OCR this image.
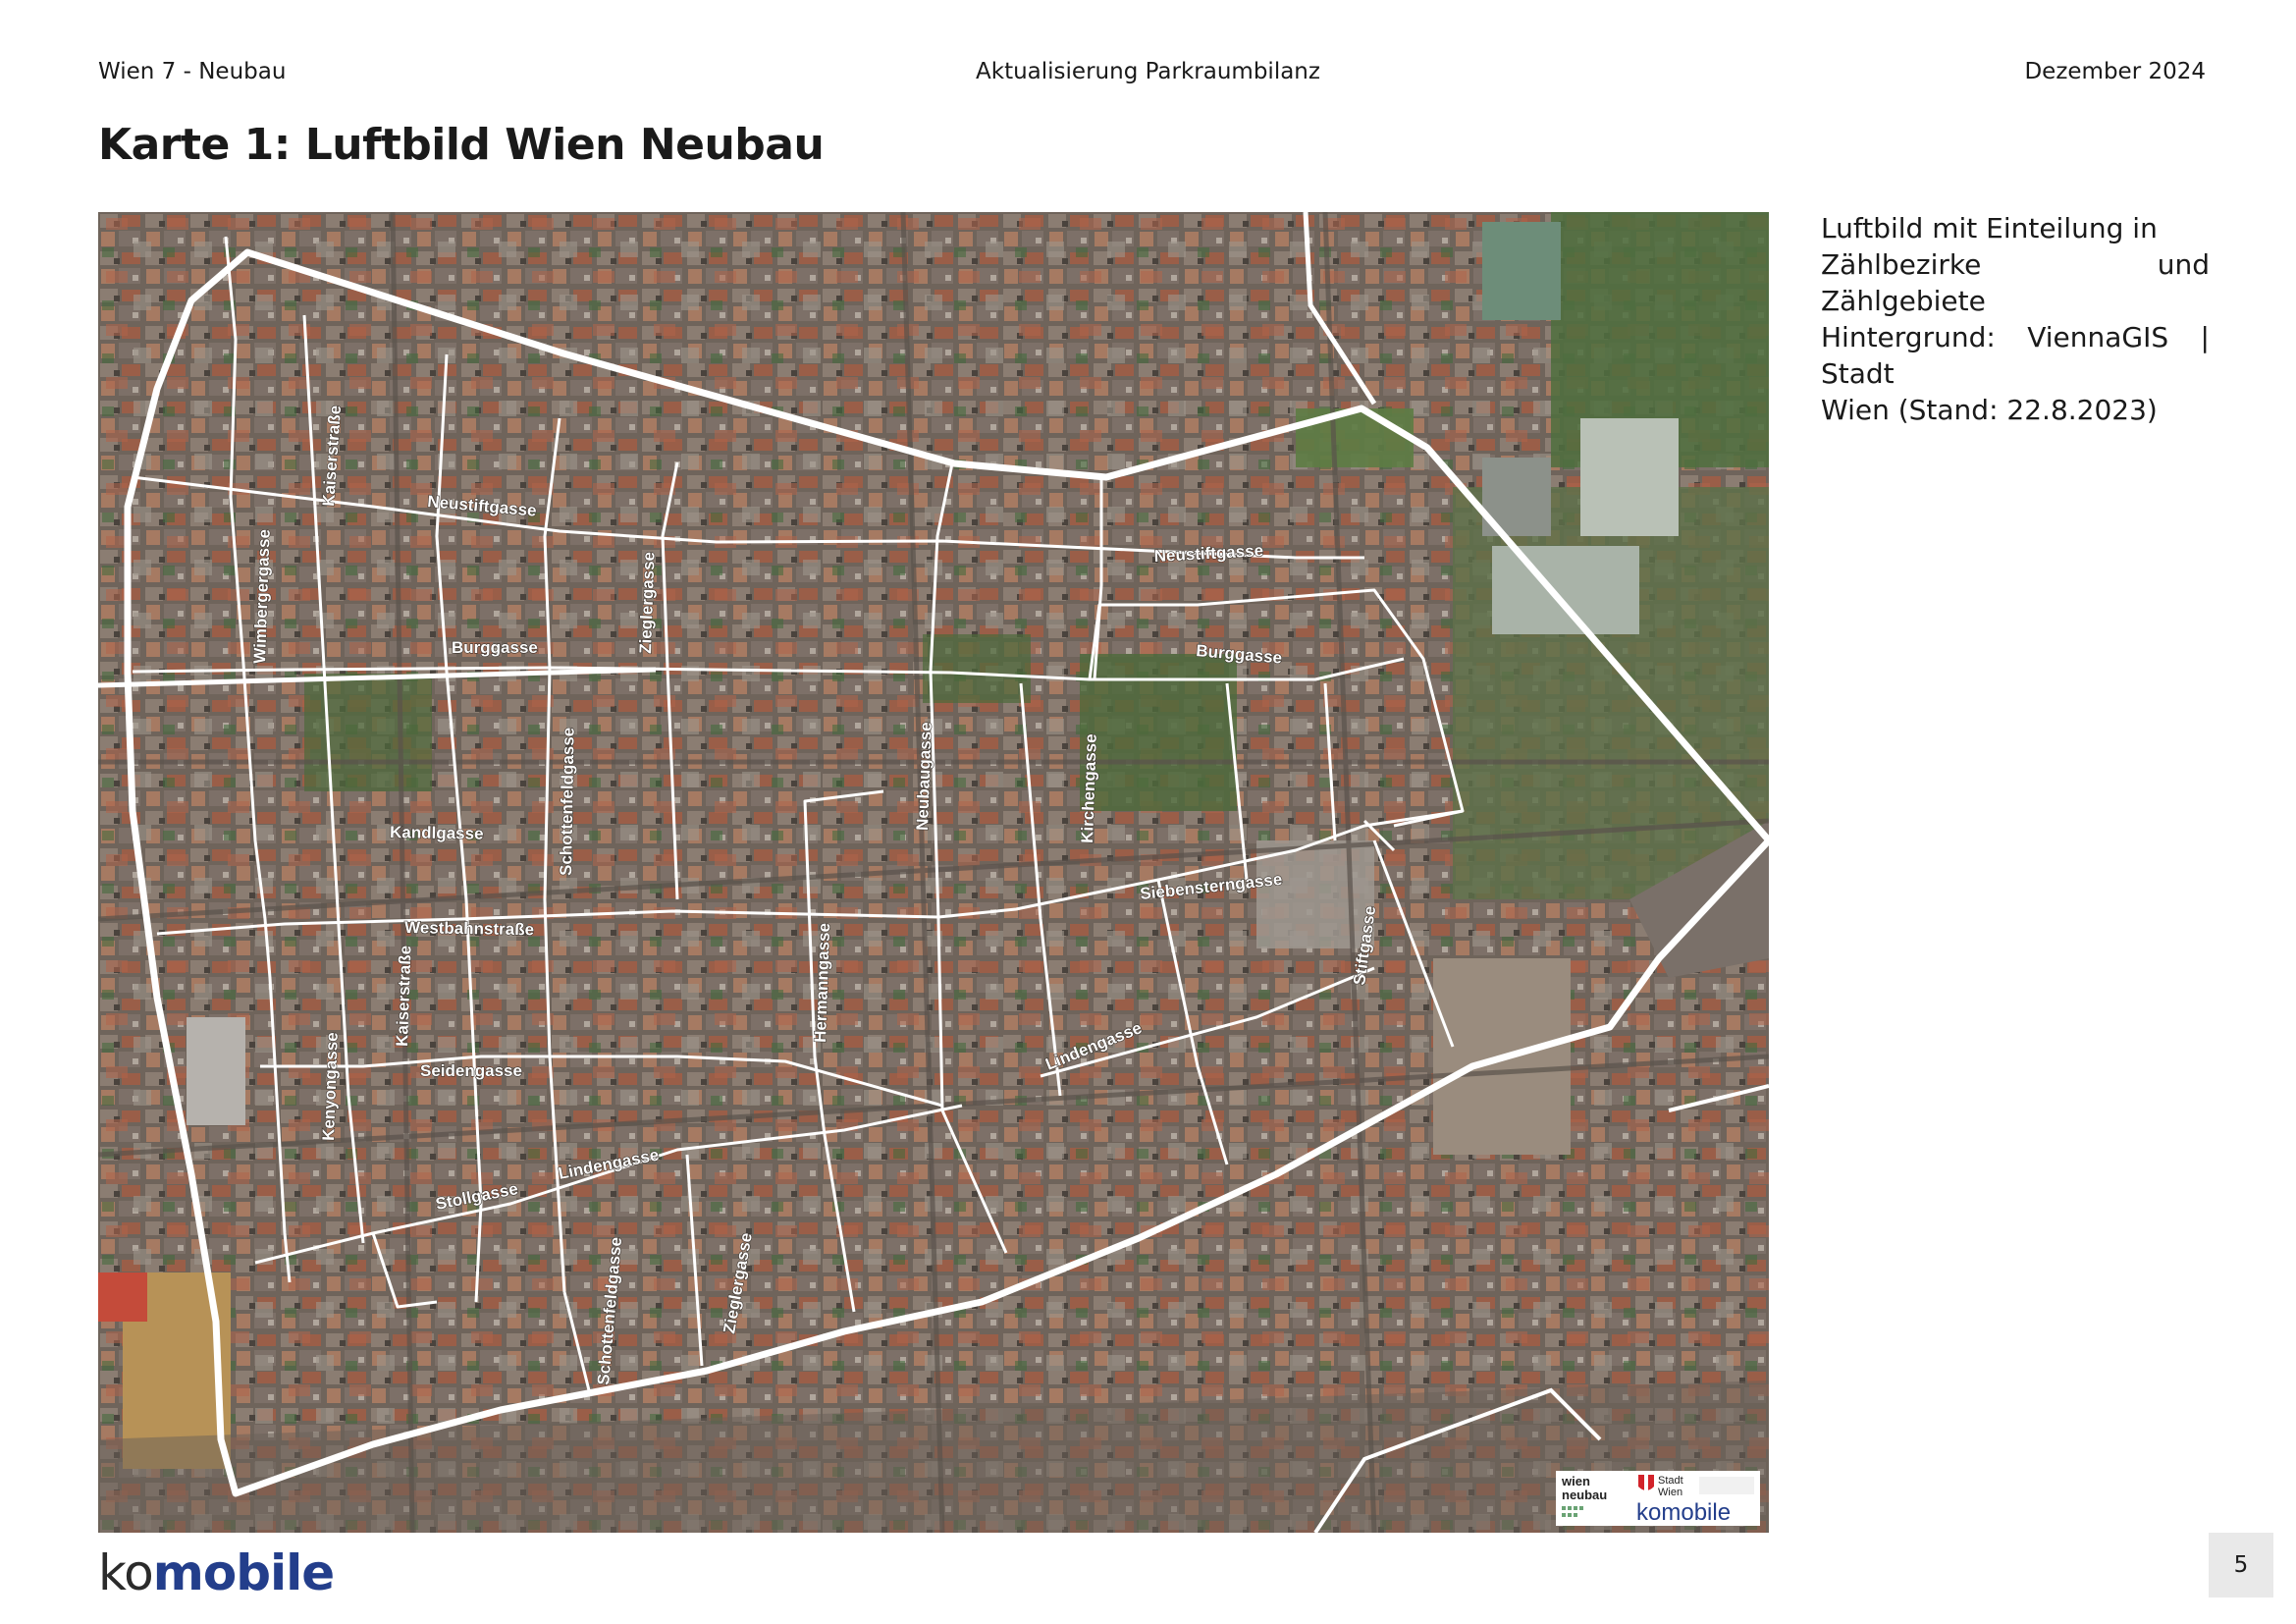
Wien 7 - Neubau	Aktualisierung Parkraumbilanz	Dezember 2024
Karte 1: Luftbild Wien Neubau
Kaiserstraße	Neustiftgasse
Wimbergergasse	Zieglergasse
Burggasse
Neustiftgasse
Burggasse
Schottenfeldgasse	Neubaugasse	Kirchengasse
Kandlgasse
Siebensterngasse
Westbahnstraße
Kaiserstraße	Hermanngasse	Stiftgasse
Kenyongasse	Seidengasse
Lindengasse
Lindengasse
Stollgasse
Schottenfeldgasse	Zieglergasse
wien
neubau
Stadt
Wien
komobile
Luftbild mit Einteilung in
Zählbezirke und Zählgebiete
Hintergrund: ViennaGIS | Stadt
Wien (Stand: 22.8.2023)
komobile	5
